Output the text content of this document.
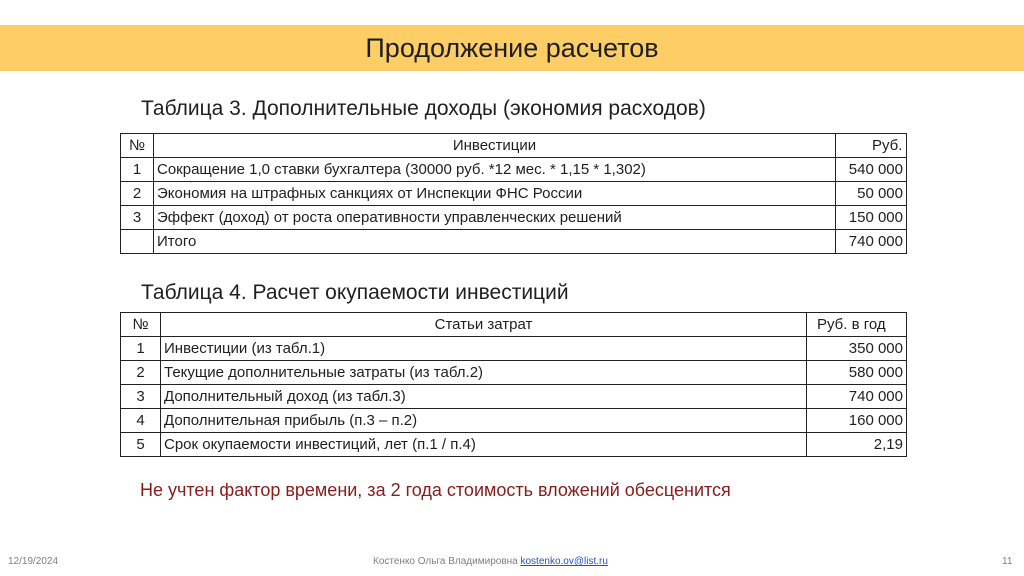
Продолжение расчетов
Таблица 3. Дополнительные доходы (экономия расходов)
№	Инвестиции	Руб.
1	Сокращение 1,0 ставки бухгалтера (30000 руб. *12 мес. * 1,15 * 1,302)	540 000
2	Экономия на штрафных санкциях от Инспекции ФНС России	50 000
3	Эффект (доход) от роста оперативности управленческих решений	150 000
	Итого	740 000
Таблица 4. Расчет окупаемости инвестиций
№	Статьи затрат	Руб. в год
1	Инвестиции (из табл.1)	350 000
2	Текущие дополнительные затраты (из табл.2)	580 000
3	Дополнительный доход (из табл.3)	740 000
4	Дополнительная прибыль (п.3 – п.2)	160 000
5	Срок окупаемости инвестиций, лет (п.1 / п.4)	2,19
Не учтен фактор времени, за 2 года стоимость вложений обесценится
12/19/2024	Костенко Ольга Владимировна kostenko.ov@list.ru	11
